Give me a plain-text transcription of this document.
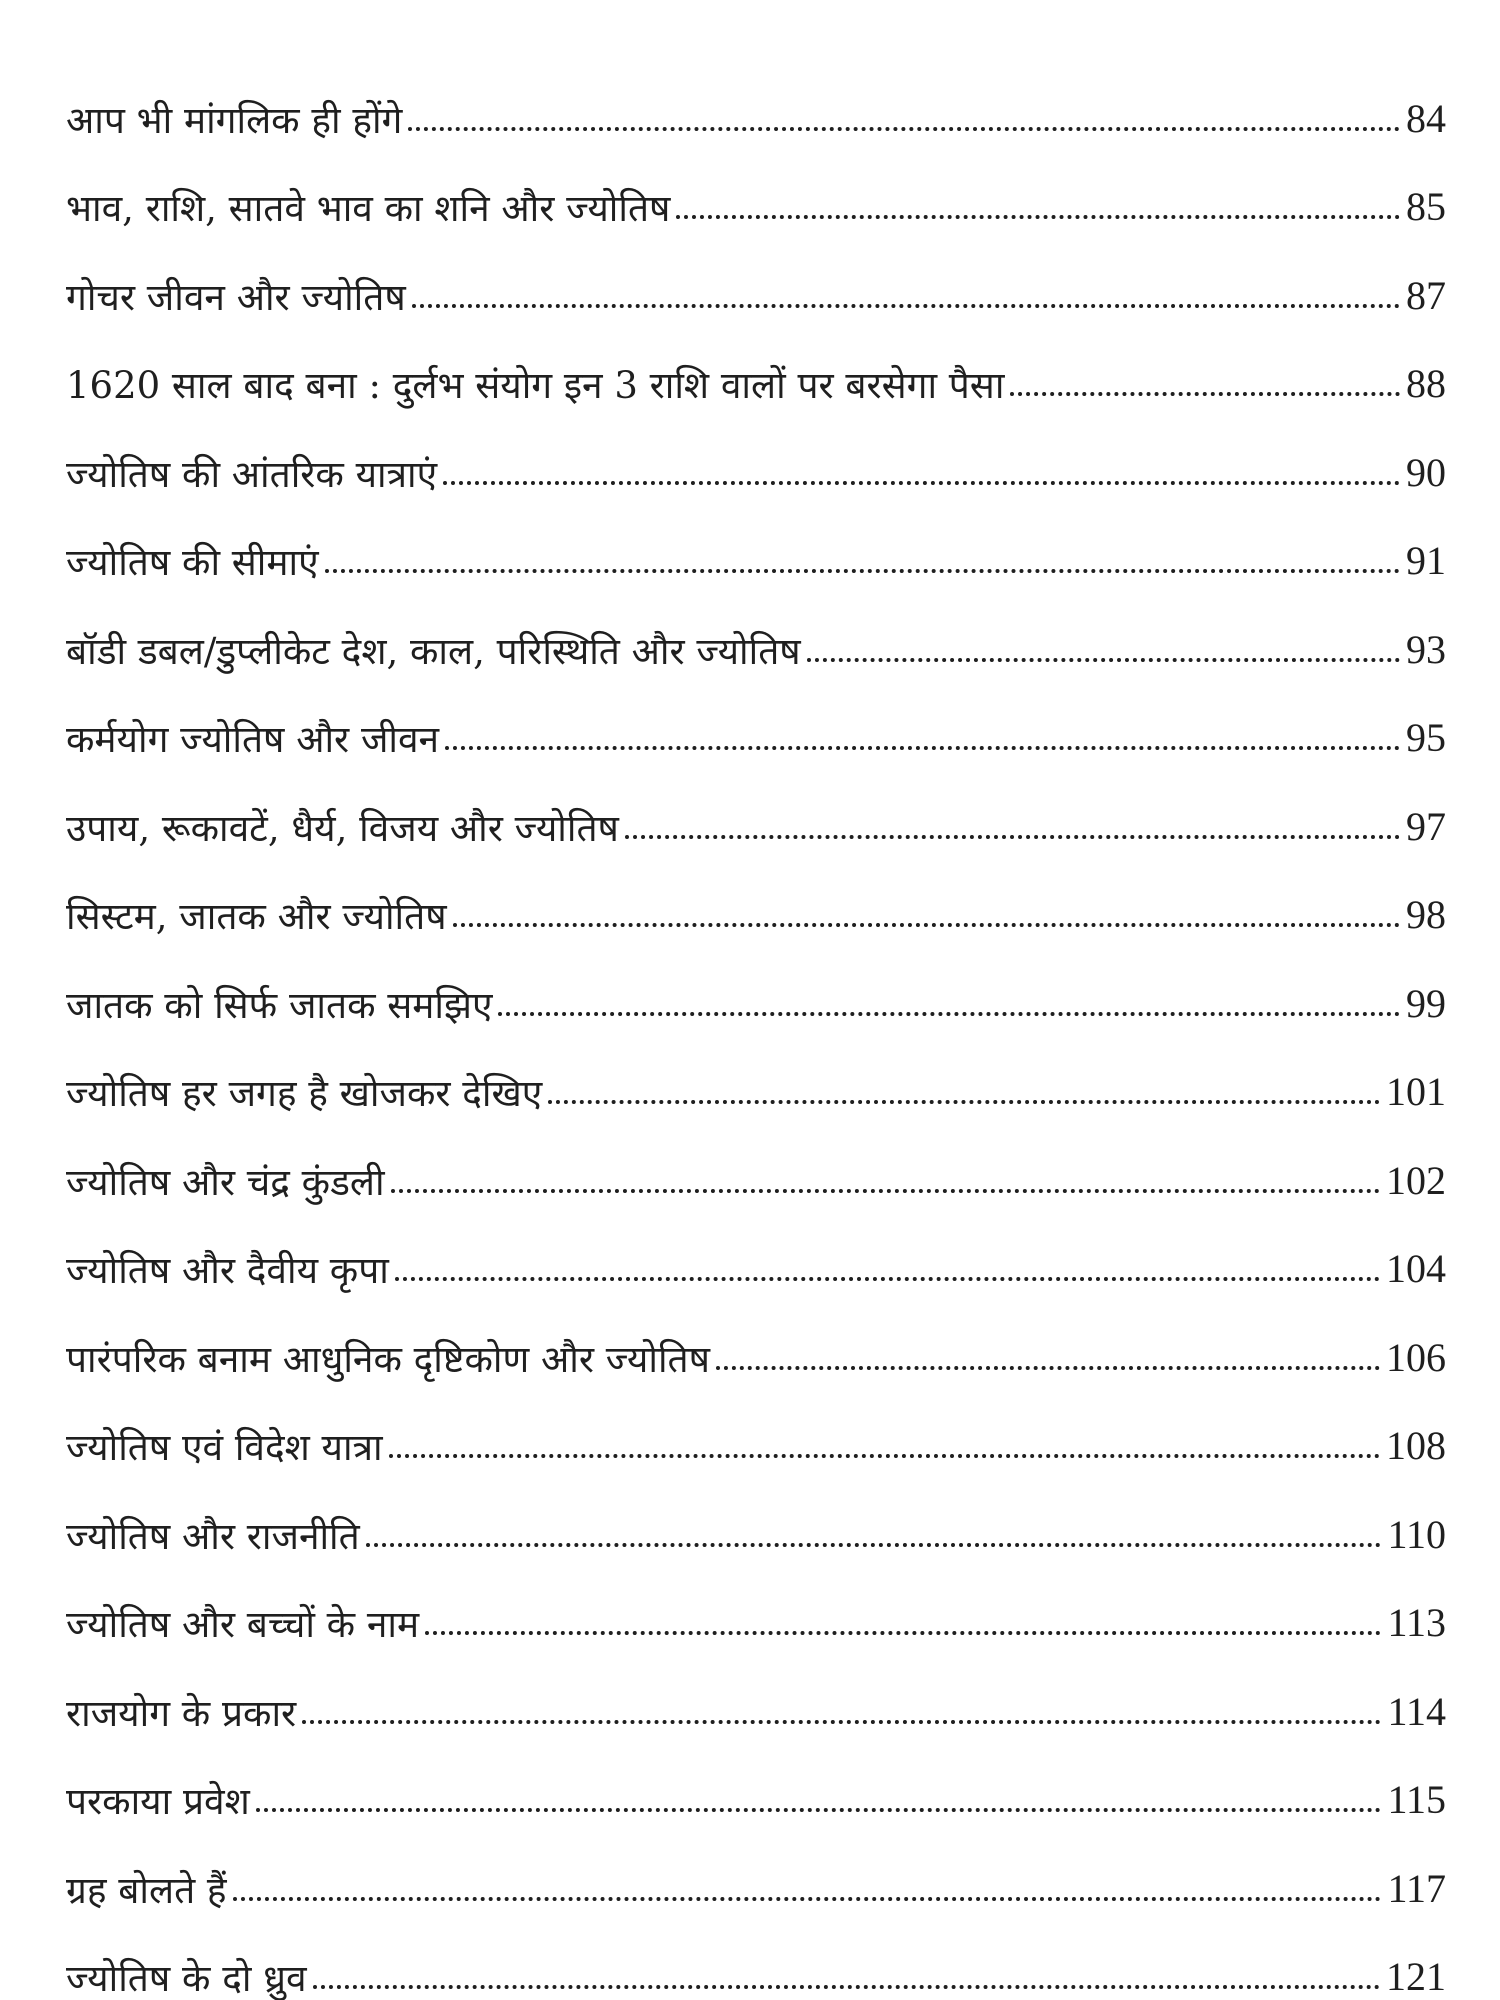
आप भी मांगलिक ही होंगे	84
भाव, राशि, सातवे भाव का शनि और ज्योतिष	85
गोचर जीवन और ज्योतिष	87
1620 साल बाद बना : दुर्लभ संयोग इन 3 राशि वालों पर बरसेगा पैसा	88
ज्योतिष की आंतरिक यात्राएं	90
ज्योतिष की सीमाएं	91
बॉडी डबल/डुप्लीकेट देश, काल, परिस्थिति और ज्योतिष	93
कर्मयोग ज्योतिष और जीवन	95
उपाय, रूकावटें, धैर्य, विजय और ज्योतिष	97
सिस्टम, जातक और ज्योतिष	98
जातक को सिर्फ जातक समझिए	99
ज्योतिष हर जगह है खोजकर देखिए	101
ज्योतिष और चंद्र कुंडली	102
ज्योतिष और दैवीय कृपा	104
पारंपरिक बनाम आधुनिक दृष्टिकोण और ज्योतिष	106
ज्योतिष एवं विदेश यात्रा	108
ज्योतिष और राजनीति	110
ज्योतिष और बच्चों के नाम	113
राजयोग के प्रकार	114
परकाया प्रवेश	115
ग्रह बोलते हैं	117
ज्योतिष के दो ध्रुव	121
